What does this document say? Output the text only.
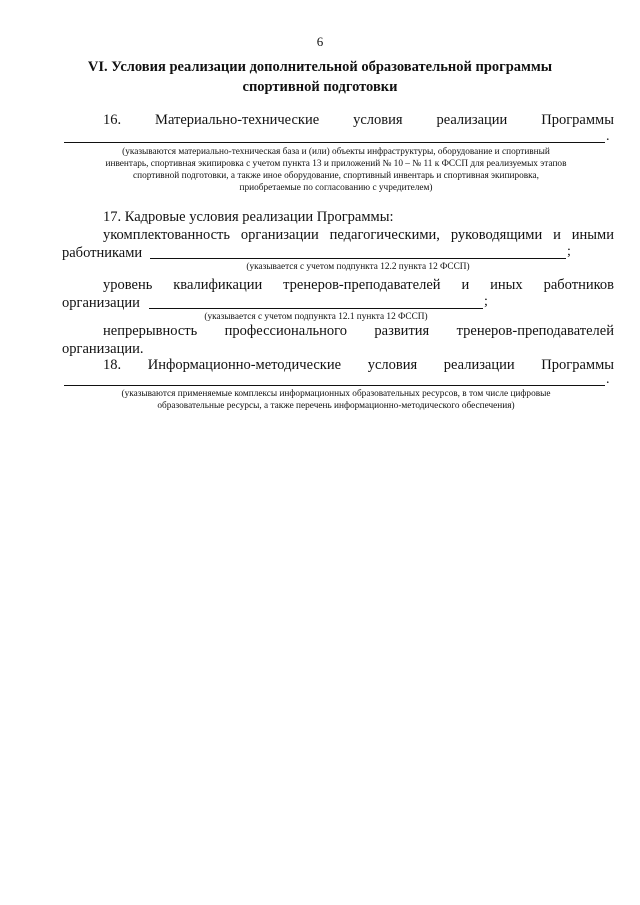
6
VI. Условия реализации дополнительной образовательной программы
спортивной подготовки
16. Материально-технические условия реализации Программы
.
(указываются материально-техническая база и (или) объекты инфраструктуры, оборудование и спортивный
инвентарь, спортивная экипировка с учетом пункта 13 и приложений № 10 – № 11 к ФССП для реализуемых этапов
спортивной подготовки, а также иное оборудование, спортивный инвентарь и спортивная экипировка,
приобретаемые по согласованию с учредителем)
17. Кадровые условия реализации Программы:
укомплектованность организации педагогическими, руководящими и иными
работниками	;
(указывается с учетом подпункта 12.2 пункта 12 ФССП)
уровень квалификации тренеров-преподавателей и иных работников
организации	;
(указывается с учетом подпункта 12.1 пункта 12 ФССП)
непрерывность профессионального развития тренеров-преподавателей
организации.
18. Информационно-методические условия реализации Программы
.
(указываются применяемые комплексы информационных образовательных ресурсов, в том числе цифровые
образовательные ресурсы, а также перечень информационно-методического обеспечения)
